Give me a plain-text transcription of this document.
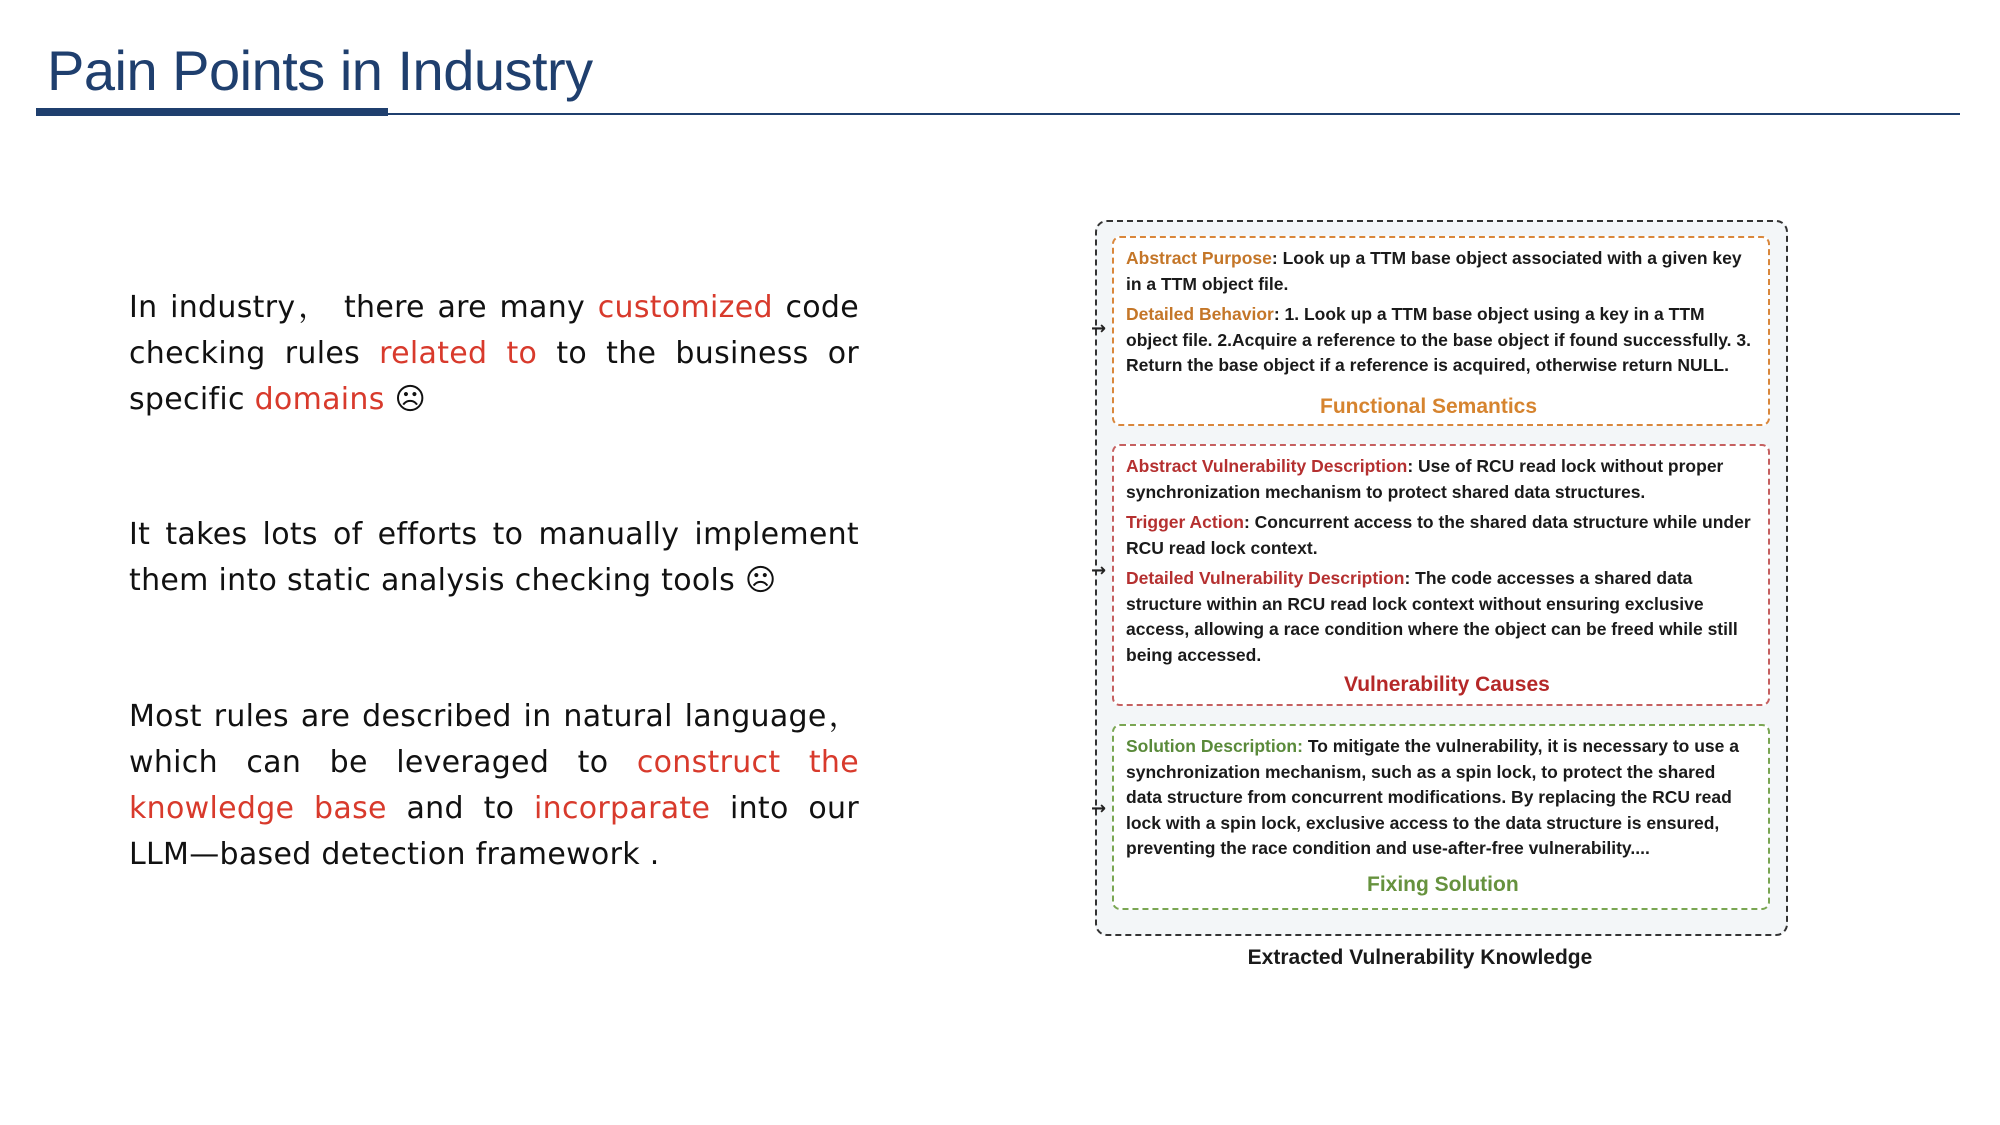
Pain Points in Industry

In industry， there are many customized code checking rules related to to the business or specific domains ☹

It takes lots of efforts to manually implement them into static analysis checking tools ☹

Most rules are described in natural language， which can be leveraged to construct the knowledge base and to incorparate into our LLM—based detection framework .

→
→
→

Abstract Purpose: Look up a TTM base object associated with a given key in a TTM object file.

Detailed Behavior: 1. Look up a TTM base object using a key in a TTM object file. 2.Acquire a reference to the base object if found successfully. 3. Return the base object if a reference is acquired, otherwise return NULL.

Functional Semantics

Abstract Vulnerability Description: Use of RCU read lock without proper synchronization mechanism to protect shared data structures.

Trigger Action: Concurrent access to the shared data structure while under RCU read lock context.

Detailed Vulnerability Description: The code accesses a shared data structure within an RCU read lock context without ensuring exclusive access, allowing a race condition where the object can be freed while still being accessed.

Vulnerability Causes

Solution Description: To mitigate the vulnerability, it is necessary to use a synchronization mechanism, such as a spin lock, to protect the shared data structure from concurrent modifications. By replacing the RCU read lock with a spin lock, exclusive access to the data structure is ensured, preventing the race condition and use-after-free vulnerability....

Fixing Solution
Extracted Vulnerability Knowledge
